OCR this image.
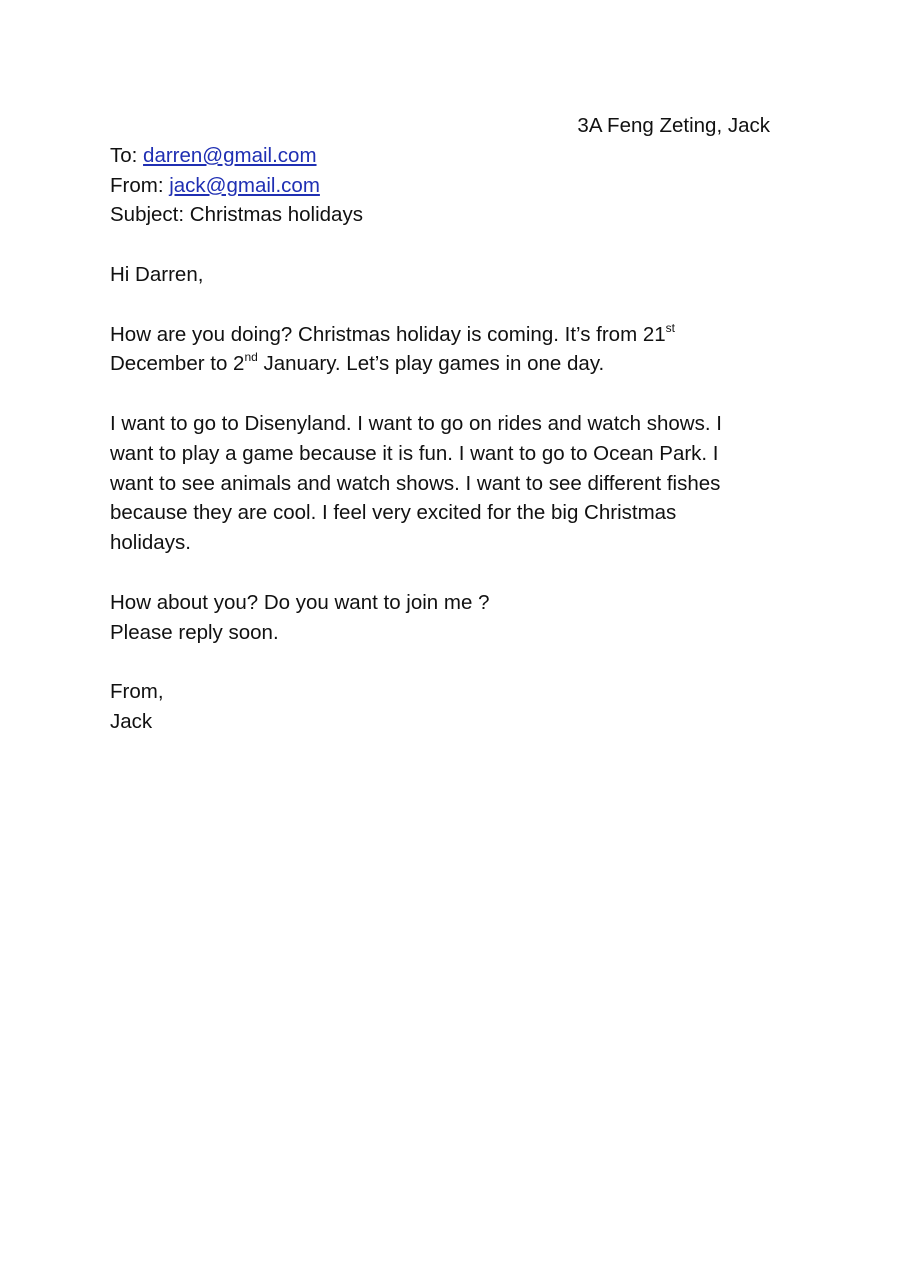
3A Feng Zeting, Jack
To: darren@gmail.com
From: jack@gmail.com
Subject: Christmas holidays
Hi Darren,
How are you doing? Christmas holiday is coming. It’s from 21st
December to 2nd January. Let’s play games in one day.
I want to go to Disenyland. I want to go on rides and watch shows. I
want to play a game because it is fun. I want to go to Ocean Park. I
want to see animals and watch shows. I want to see different fishes
because they are cool. I feel very excited for the big Christmas
holidays.
How about you? Do you want to join me ?
Please reply soon.
From,
Jack
